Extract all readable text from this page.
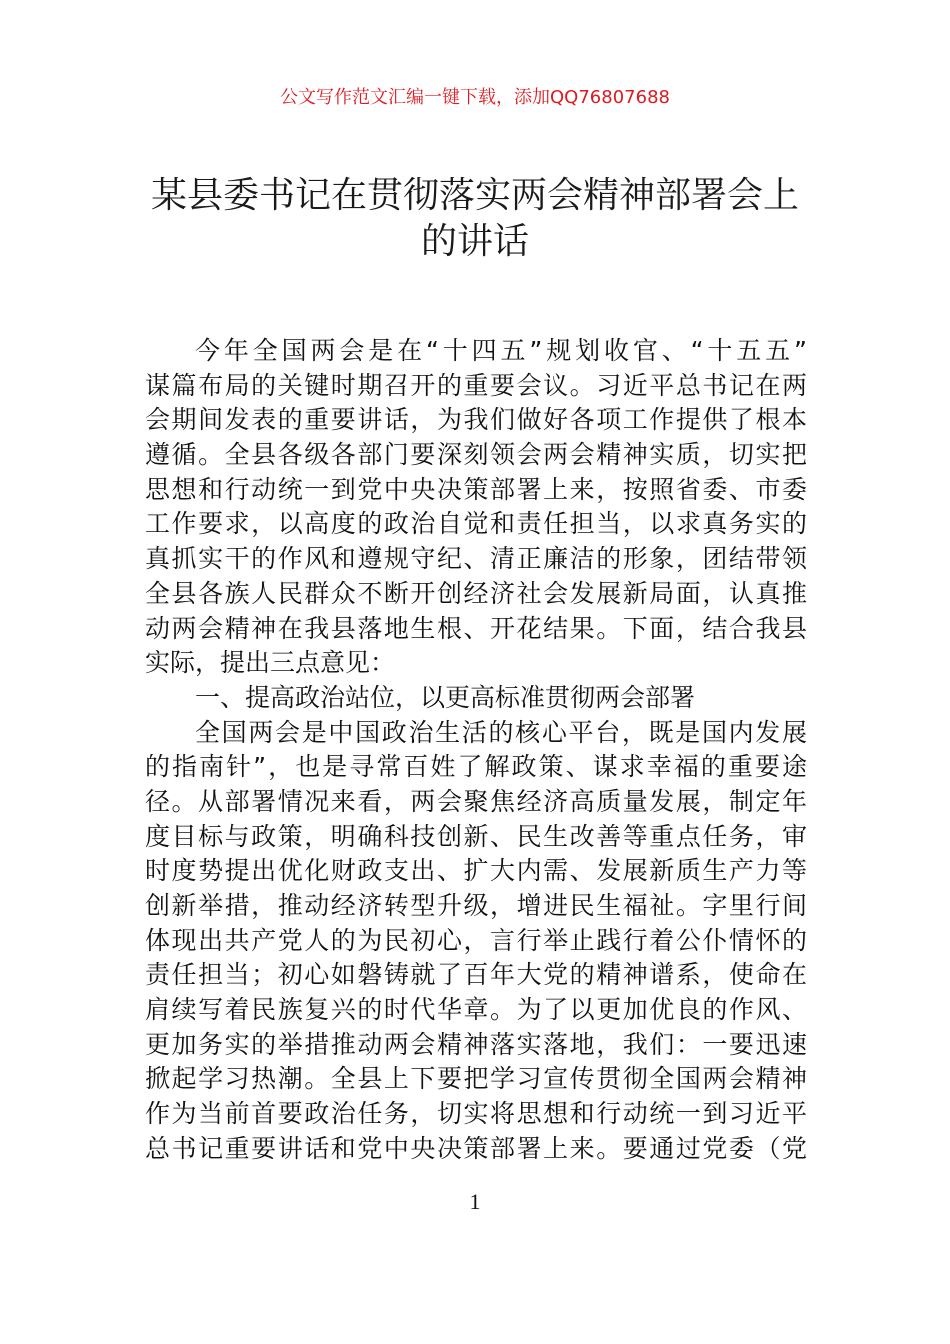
公文写作范文汇编一键下载，添加QQ76807688
某县委书记在贯彻落实两会精神部署会上
的讲话
今年全国两会是在“十四五”规划收官、“十五五”
谋篇布局的关键时期召开的重要会议。习近平总书记在两
会期间发表的重要讲话，为我们做好各项工作提供了根本
遵循。全县各级各部门要深刻领会两会精神实质，切实把
思想和行动统一到党中央决策部署上来，按照省委、市委
工作要求，以高度的政治自觉和责任担当，以求真务实的
真抓实干的作风和遵规守纪、清正廉洁的形象，团结带领
全县各族人民群众不断开创经济社会发展新局面，认真推
动两会精神在我县落地生根、开花结果。下面，结合我县
实际，提出三点意见：
一、提高政治站位，以更高标准贯彻两会部署
全国两会是中国政治生活的核心平台，既是国内发展
的指南针”，也是寻常百姓了解政策、谋求幸福的重要途
径。从部署情况来看，两会聚焦经济高质量发展，制定年
度目标与政策，明确科技创新、民生改善等重点任务，审
时度势提出优化财政支出、扩大内需、发展新质生产力等
创新举措，推动经济转型升级，增进民生福祉。字里行间
体现出共产党人的为民初心，言行举止践行着公仆情怀的
责任担当；初心如磐铸就了百年大党的精神谱系，使命在
肩续写着民族复兴的时代华章。为了以更加优良的作风、
更加务实的举措推动两会精神落实落地，我们：一要迅速
掀起学习热潮。全县上下要把学习宣传贯彻全国两会精神
作为当前首要政治任务，切实将思想和行动统一到习近平
总书记重要讲话和党中央决策部署上来。要通过党委（党
1
